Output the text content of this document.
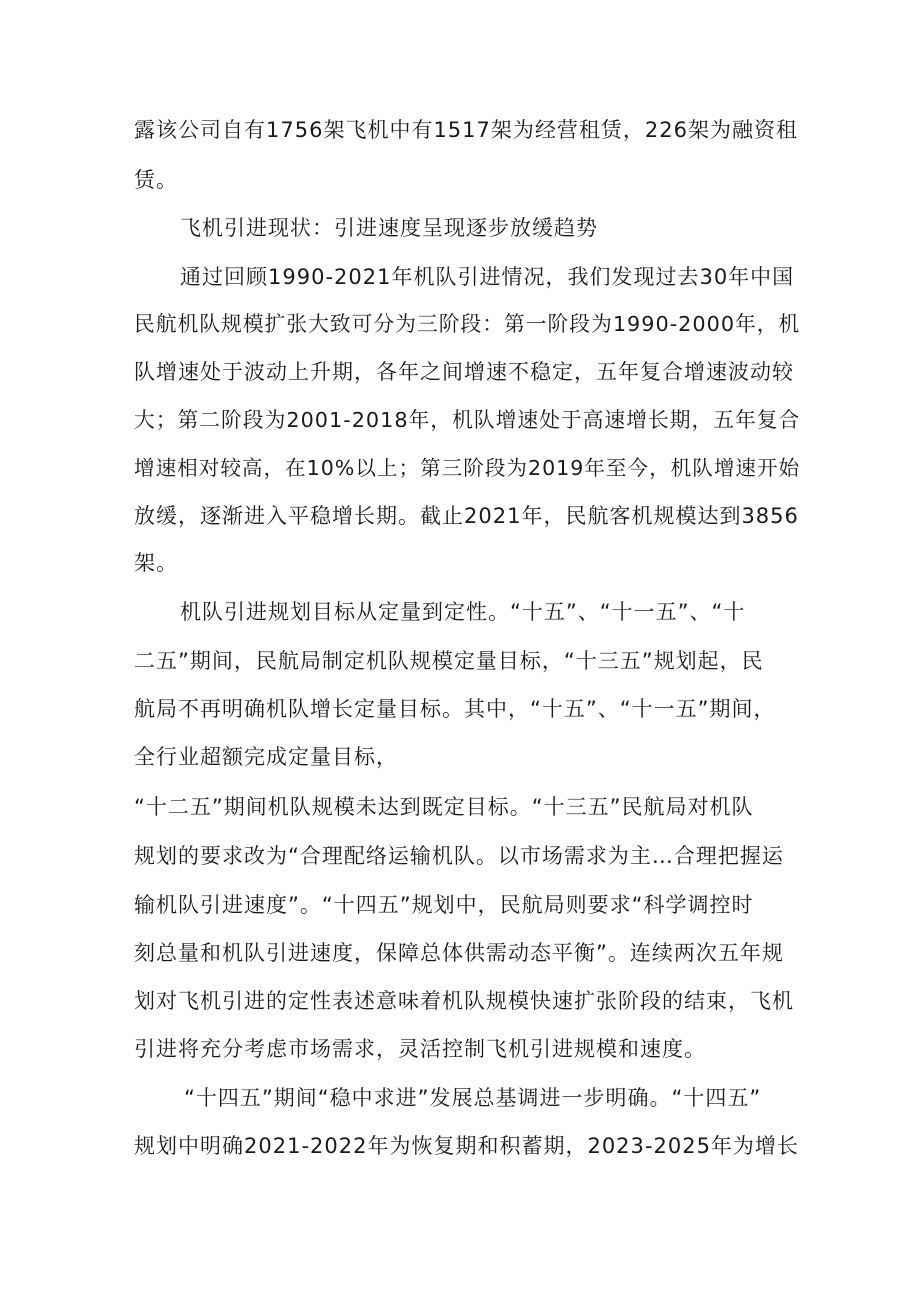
露该公司自有1756架飞机中有1517架为经营租赁，226架为融资租
赁。
飞机引进现状：引进速度呈现逐步放缓趋势
通过回顾1990-2021年机队引进情况，我们发现过去30年中国
民航机队规模扩张大致可分为三阶段：第一阶段为1990-2000年，机
队增速处于波动上升期，各年之间增速不稳定，五年复合增速波动较
大；第二阶段为2001-2018年，机队增速处于高速增长期，五年复合
增速相对较高，在10%以上；第三阶段为2019年至今，机队增速开始
放缓，逐渐进入平稳增长期。截止2021年，民航客机规模达到3856
架。
机队引进规划目标从定量到定性。“十五”、“十一五”、“十
二五”期间，民航局制定机队规模定量目标，“十三五”规划起，民
航局不再明确机队增长定量目标。其中，“十五”、“十一五”期间，
全行业超额完成定量目标，
“十二五”期间机队规模未达到既定目标。“十三五”民航局对机队
规划的要求改为“合理配络运输机队。以市场需求为主…合理把握运
输机队引进速度”。“十四五”规划中，民航局则要求“科学调控时
刻总量和机队引进速度，保障总体供需动态平衡”。连续两次五年规
划对飞机引进的定性表述意味着机队规模快速扩张阶段的结束，飞机
引进将充分考虑市场需求，灵活控制飞机引进规模和速度。
“十四五”期间“稳中求进”发展总基调进一步明确。“十四五”
规划中明确2021-2022年为恢复期和积蓄期，2023-2025年为增长
